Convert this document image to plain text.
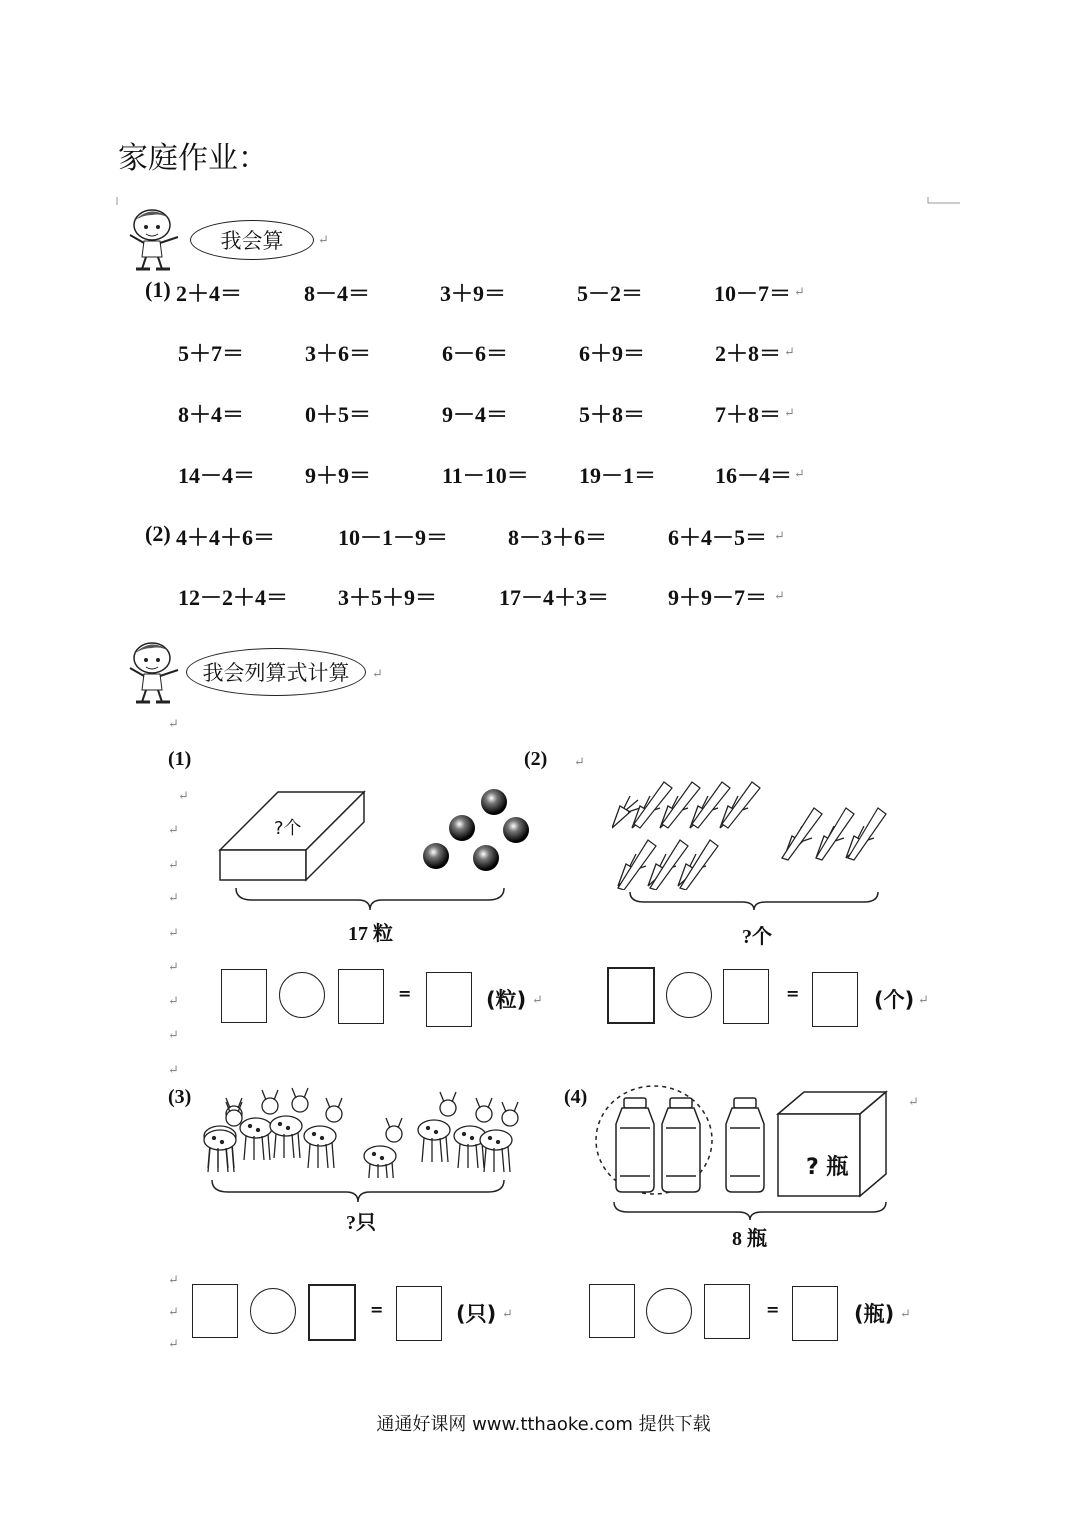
家庭作业：
我会算	↵
(1) 2＋4＝	8－4＝	3＋9＝	5－2＝	10－7＝ ↵
5＋7＝	3＋6＝	6－6＝	6＋9＝	2＋8＝ ↵
8＋4＝	0＋5＝	9－4＝	5＋8＝	7＋8＝ ↵
14－4＝ 9＋9＝	11－10＝ 19－1＝	16－4＝ ↵
(2) 4＋4＋6＝	10－1－9＝	8－3＋6＝	6＋4－5＝ ↵
12－2＋4＝ 3＋5＋9＝	17－4＋3＝	9＋9－7＝ ↵
我会列算式计算	↵
↵
↵
↵
↵
↵
↵
↵
↵
↵
↵
(1)
?个
17 粒
=	(粒) ↵
(2) ↵
?个
=	(个) ↵
(3)
?只
↵
↵
↵
=	(只) ↵
(4)	↵
? 瓶
8 瓶
=	(瓶) ↵
通通好课网 www.tthaoke.com 提供下载
